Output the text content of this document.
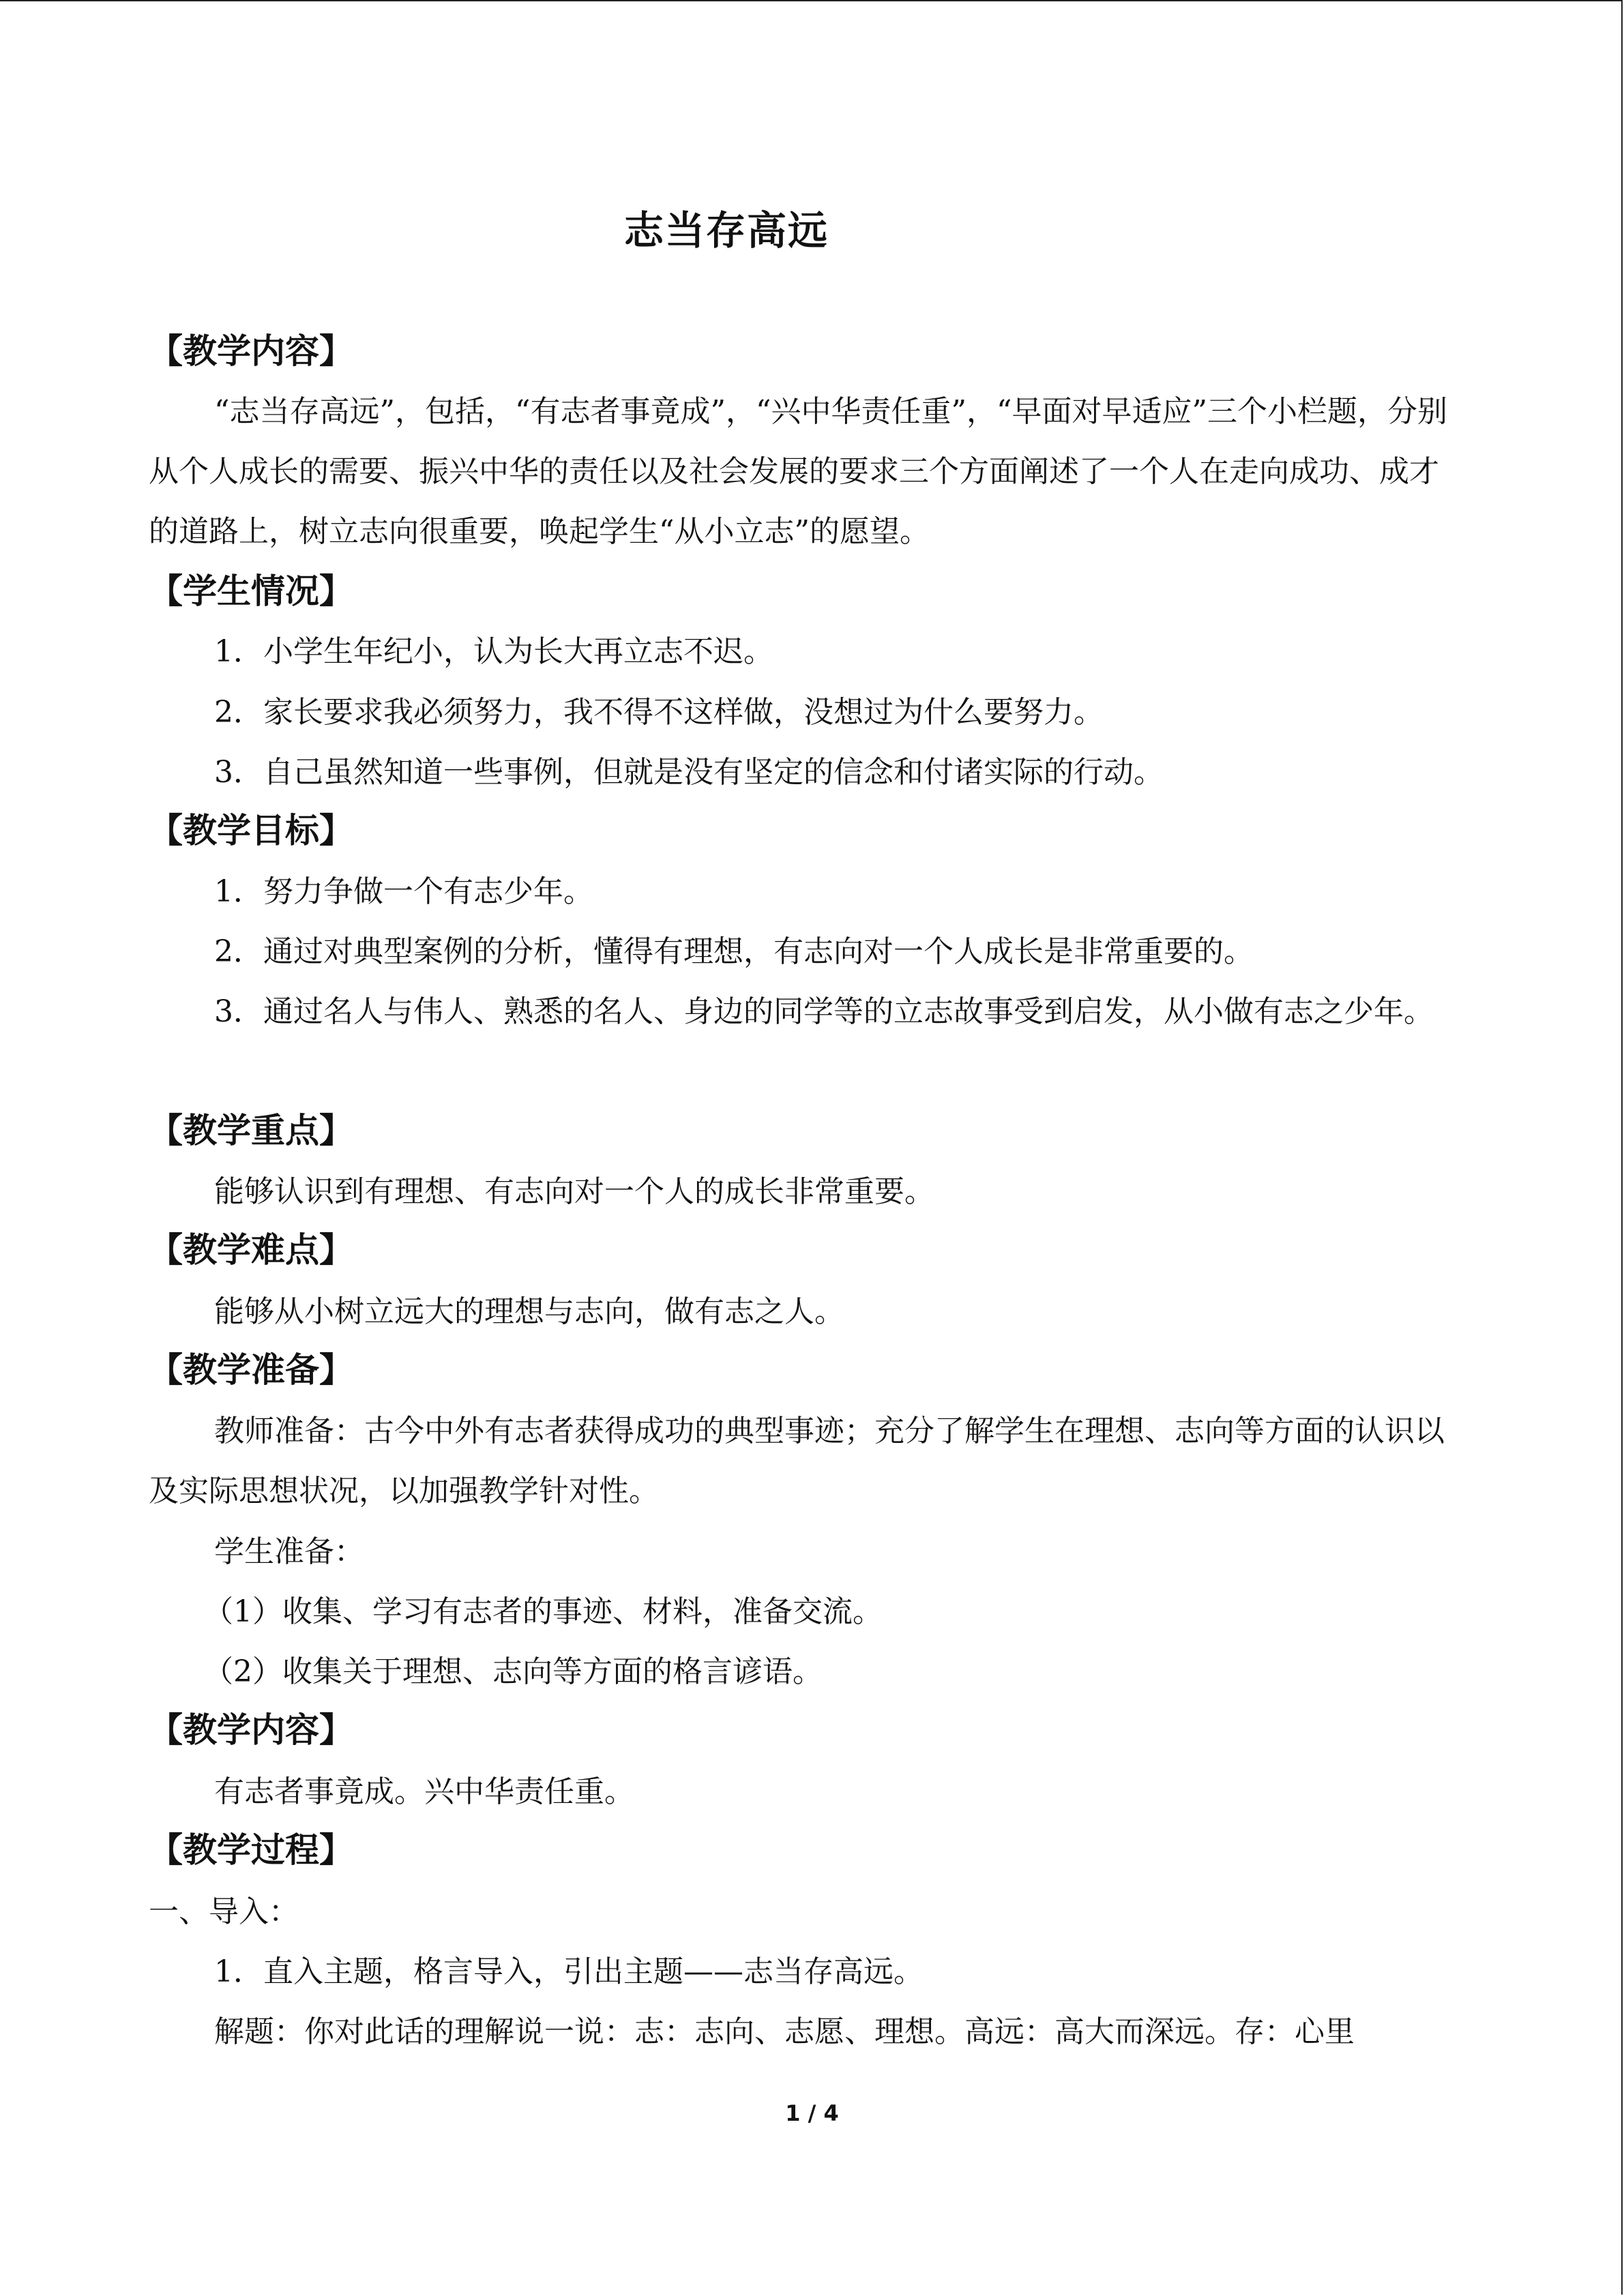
志当存高远
【教学内容】
“志当存高远”，包括，“有志者事竟成”，“兴中华责任重”，“早面对早适应”三个小栏题，分别从个人成长的需要、振兴中华的责任以及社会发展的要求三个方面阐述了一个人在走向成功、成才的道路上，树立志向很重要，唤起学生“从小立志”的愿望。
【学生情况】
1．小学生年纪小，认为长大再立志不迟。
2．家长要求我必须努力，我不得不这样做，没想过为什么要努力。
3．自己虽然知道一些事例，但就是没有坚定的信念和付诸实际的行动。
【教学目标】
1．努力争做一个有志少年。
2．通过对典型案例的分析，懂得有理想，有志向对一个人成长是非常重要的。
3．通过名人与伟人、熟悉的名人、身边的同学等的立志故事受到启发，从小做有志之少年。
【教学重点】
能够认识到有理想、有志向对一个人的成长非常重要。
【教学难点】
能够从小树立远大的理想与志向，做有志之人。
【教学准备】
教师准备：古今中外有志者获得成功的典型事迹；充分了解学生在理想、志向等方面的认识以及实际思想状况，以加强教学针对性。
学生准备：
（1）收集、学习有志者的事迹、材料，准备交流。
（2）收集关于理想、志向等方面的格言谚语。
【教学内容】
有志者事竟成。兴中华责任重。
【教学过程】
一、导入：
1．直入主题，格言导入，引出主题——志当存高远。
解题：你对此话的理解说一说：志：志向、志愿、理想。高远：高大而深远。存：心里
1 / 4
